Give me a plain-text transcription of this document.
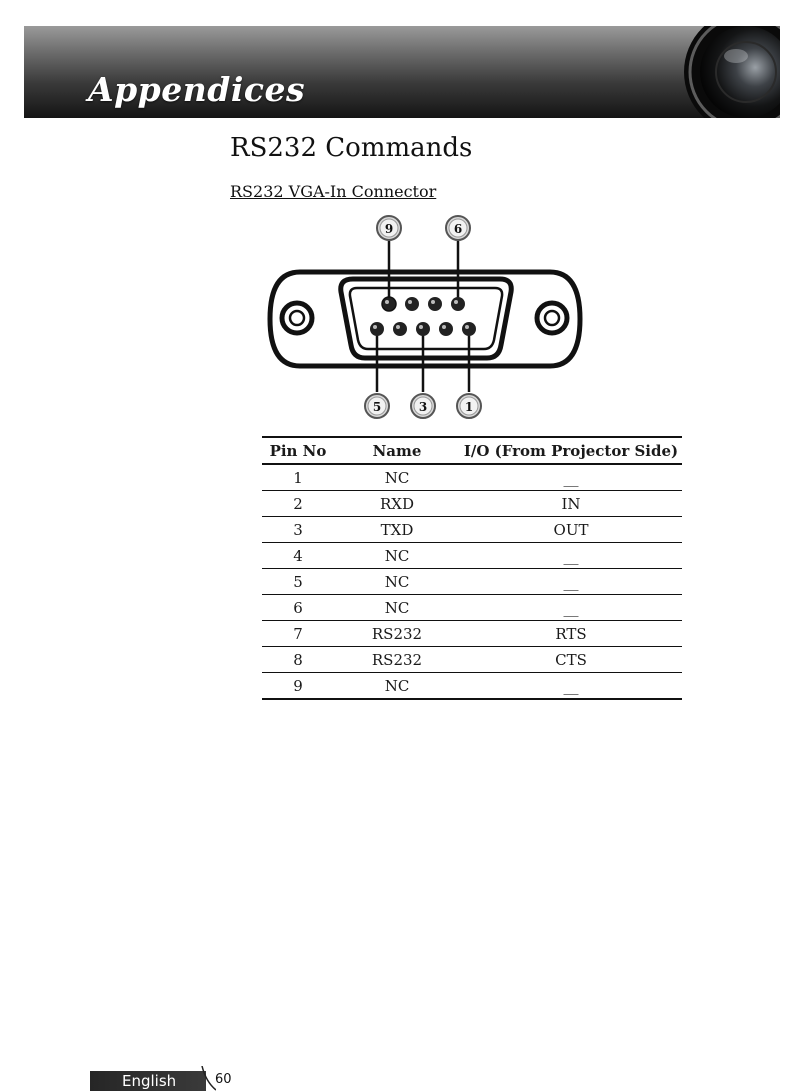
Appendices
RS232 Commands
RS232 VGA-In Connector
9	6
5	3	1
Pin No	Name	I/O (From Projector Side)
1	NC	__
2	RXD	IN
3	TXD	OUT
4	NC	__
5	NC	__
6	NC	__
7	RS232	RTS
8	RS232	CTS
9	NC	__
English	60
